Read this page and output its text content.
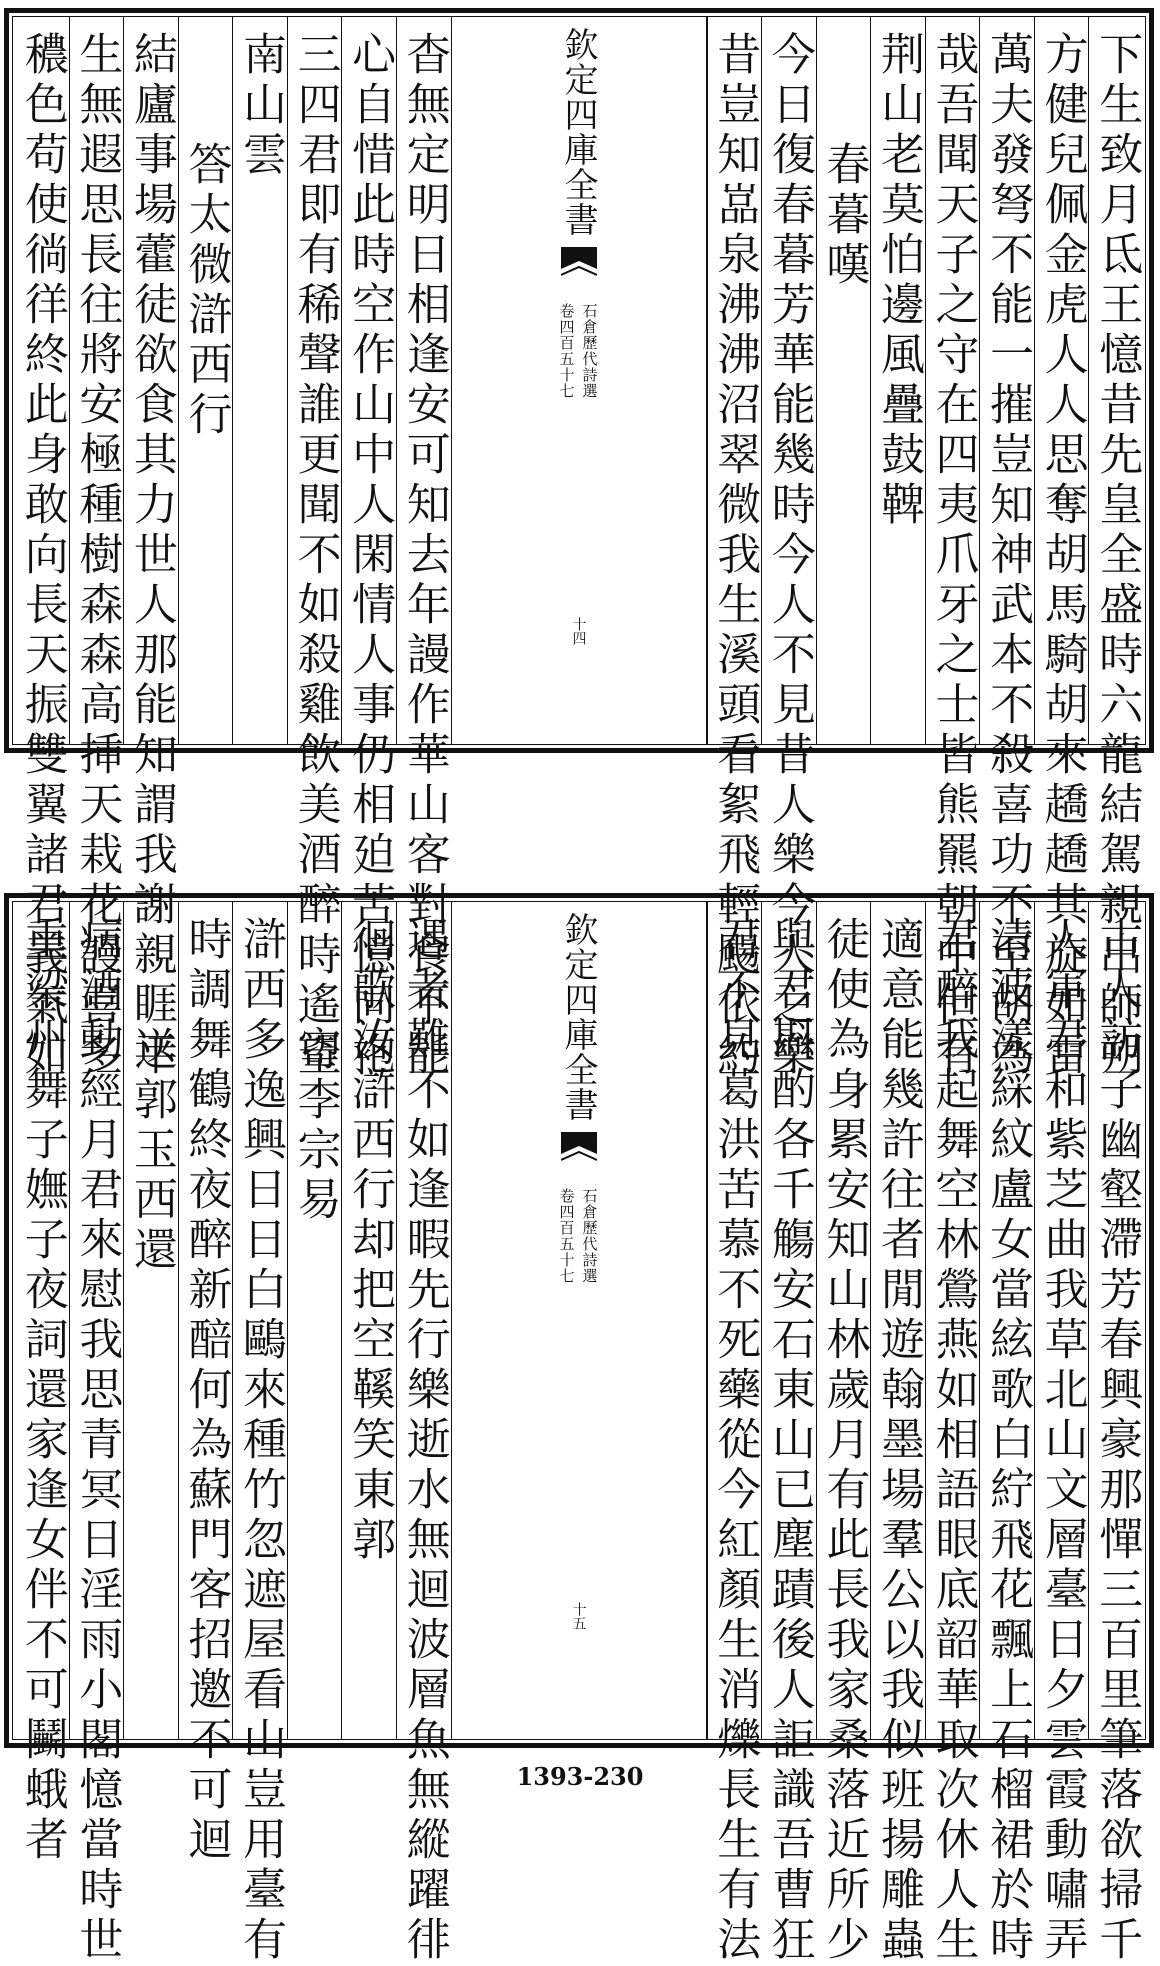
下生致月氐王憶昔先皇全盛時六龍結駕親出師朔
方健兒佩金虎人人思奪胡馬騎胡來趫趫其旋如雷
萬夫發弩不能一摧豈知神武本不殺喜功不至胡為
哉吾聞天子之守在四夷爪牙之士皆熊羆朝中但有
荆山老莫怕邊風疊鼓鞞
春暮嘆
今日復春暮芳華能幾時今人不見昔人樂今人之樂
昔豈知嵓泉沸沸沼翠微我生溪頭看絮飛輕颺依約
欽定四庫全書
石倉歷代詩選
卷四百五十七
十四
杳無定明日相逢安可知去年謾作華山客對食不能
心自惜此時空作山中人閑情人事仍相廹苦憶同袍
三四君即有稀聲誰更聞不如殺雞飲美酒醉時遙望
南山雲
答太微滸西行
結廬事場藿徒欲食其力世人那能知謂我謝親睚平
生無遐思長往將安極種樹森森高挿天栽花謾喜多
穠色苟使徜徉終此身敢向長天振雙翼諸君義氣如
古人訪子幽壑滯芳春興豪那憚三百里筆落欲掃千
人軍君和紫芝曲我草北山文層臺日夕雲霞動嘯弄
清波漾綵紋盧女當絃歌白紵飛花飄上石榴裙於時
君醉我起舞空林鶯燕如相語眼底韶華取次休人生
適意能幾許往者閒遊翰墨場羣公以我似班揚雕蟲
徒使為身累安知山林歲月有此長我家桑落近所少
與君斟酌各千觴安石東山已塵蹟後人詎識吾曹狂
君不見葛洪苦慕不死藥從今紅顏生消爍長生有法
欽定四庫全書
石倉歷代詩選
卷四百五十七
十五
遇者難不如逢暇先行樂逝水無迴波層魚無縱躍徘
徊歌汝滸西行却把空鞵笑東郭
寄李宗易
滸西多逸興日日白鷗來種竹忽遮屋看山豈用臺有
時調舞鶴終夜醉新醅何為蘇門客招邀不可迴
送郭玉西還
病酒動經月君來慰我思青冥日淫雨小閣憶當時世
重梁州舞子嫵子夜詞還家逢女伴不可鬭蛾者	1393-230
